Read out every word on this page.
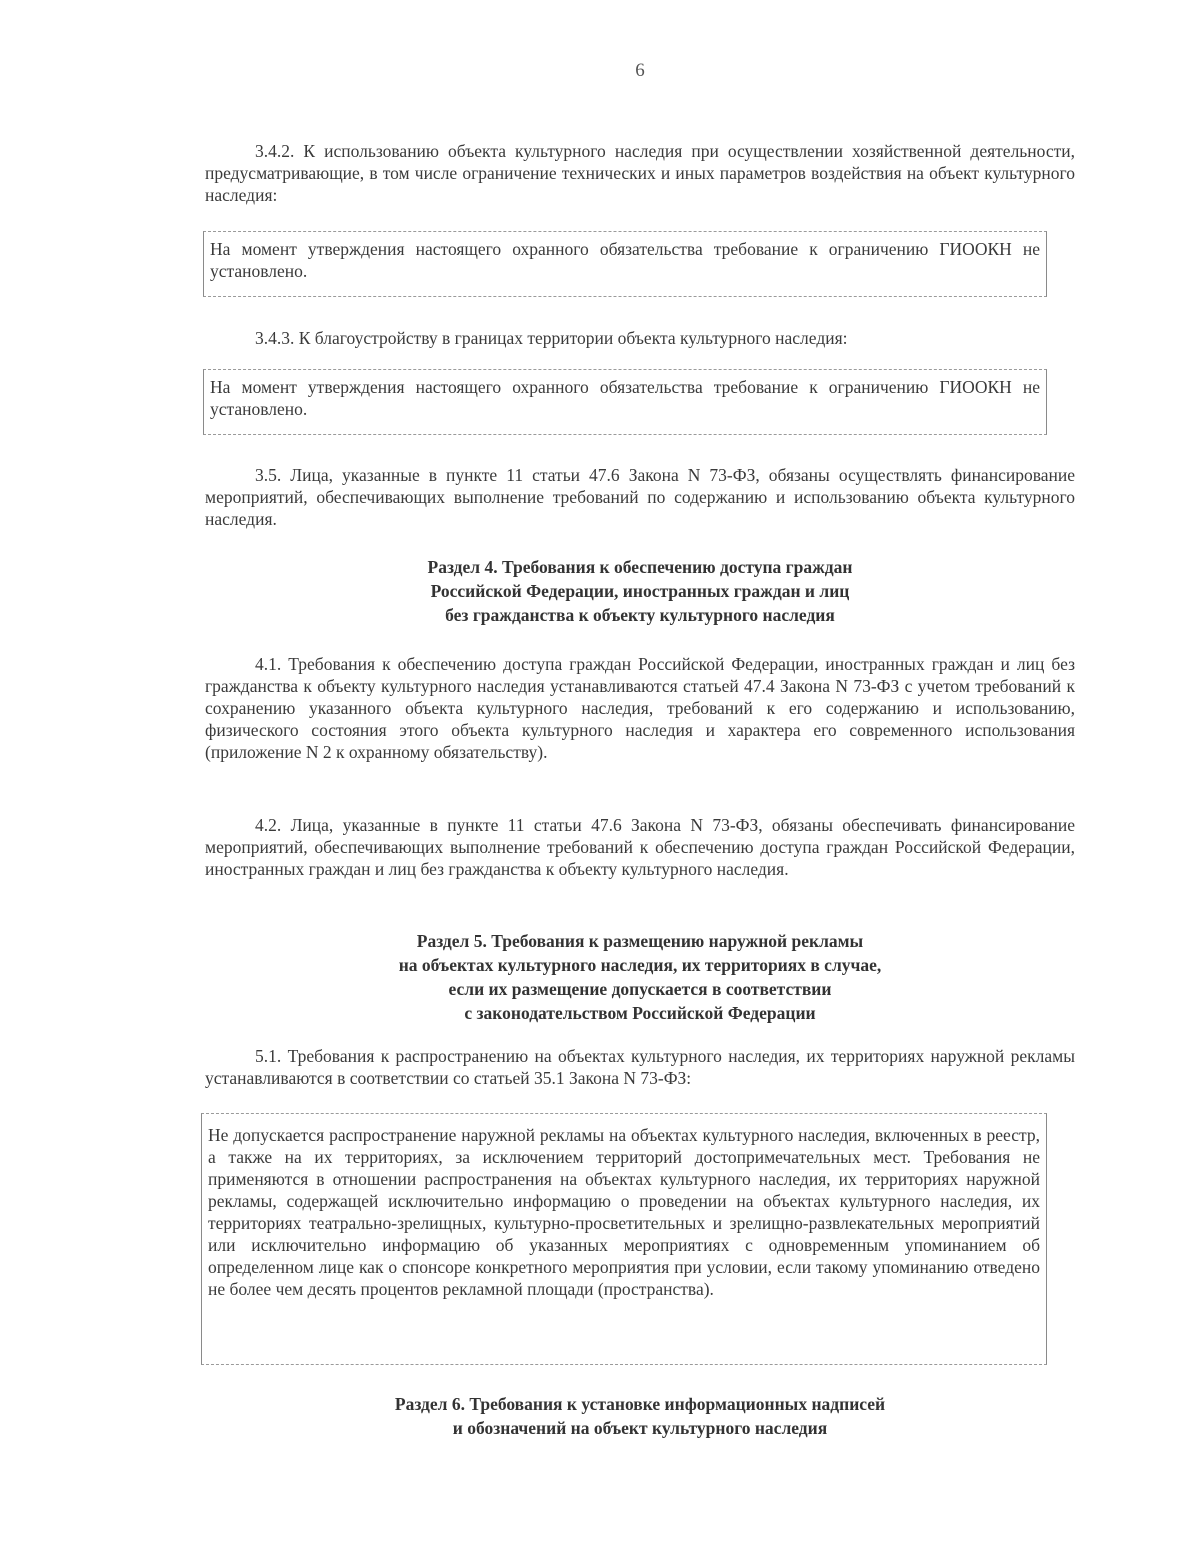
6

3.4.2. К использованию объекта культурного наследия при осуществлении хозяйственной деятельности, предусматривающие, в том числе ограничение технических и иных параметров воздействия на объект культурного наследия:

На момент утверждения настоящего охранного обязательства требование к ограничению ГИООКН не установлено.

3.4.3. К благоустройству в границах территории объекта культурного наследия:

На момент утверждения настоящего охранного обязательства требование к ограничению ГИООКН не установлено.

3.5. Лица, указанные в пункте 11 статьи 47.6 Закона N 73-ФЗ, обязаны осуществлять финансирование мероприятий, обеспечивающих выполнение требований по содержанию и использованию объекта культурного наследия.

Раздел 4. Требования к обеспечению доступа граждан
Российской Федерации, иностранных граждан и лиц
без гражданства к объекту культурного наследия

4.1. Требования к обеспечению доступа граждан Российской Федерации, иностранных граждан и лиц без гражданства к объекту культурного наследия устанавливаются статьей 47.4 Закона N 73-ФЗ с учетом требований к сохранению указанного объекта культурного наследия, требований к его содержанию и использованию, физического состояния этого объекта культурного наследия и характера его современного использования (приложение N 2 к охранному обязательству).

4.2. Лица, указанные в пункте 11 статьи 47.6 Закона N 73-ФЗ, обязаны обеспечивать финансирование мероприятий, обеспечивающих выполнение требований к обеспечению доступа граждан Российской Федерации, иностранных граждан и лиц без гражданства к объекту культурного наследия.

Раздел 5. Требования к размещению наружной рекламы
на объектах культурного наследия, их территориях в случае,
если их размещение допускается в соответствии
с законодательством Российской Федерации

5.1. Требования к распространению на объектах культурного наследия, их территориях наружной рекламы устанавливаются в соответствии со статьей 35.1 Закона N 73-ФЗ:

Не допускается распространение наружной рекламы на объектах культурного наследия, включенных в реестр, а также на их территориях, за исключением территорий достопримечательных мест. Требования не применяются в отношении распространения на объектах культурного наследия, их территориях наружной рекламы, содержащей исключительно информацию о проведении на объектах культурного наследия, их территориях театрально-зрелищных, культурно-просветительных и зрелищно-развлекательных мероприятий или исключительно информацию об указанных мероприятиях с одновременным упоминанием об определенном лице как о спонсоре конкретного мероприятия при условии, если такому упоминанию отведено не более чем десять процентов рекламной площади (пространства).

Раздел 6. Требования к установке информационных надписей
и обозначений на объект культурного наследия
